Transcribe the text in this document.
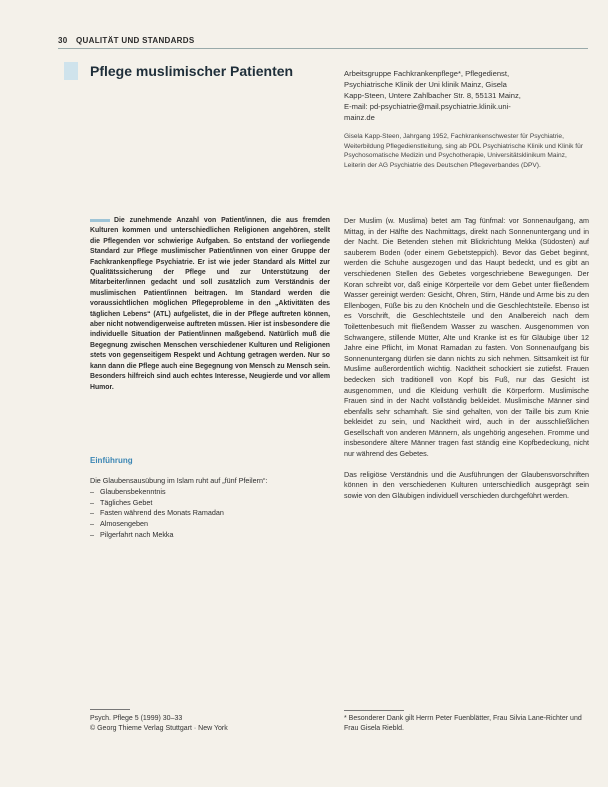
30 QUALITÄT UND STANDARDS
Pflege muslimischer Patienten	Arbeitsgruppe Fachkrankenpflege*, Pflegedienst,
Psychiatrische Klinik der Uni klinik Mainz, Gisela
Kapp-Steen, Untere Zahlbacher Str. 8, 55131 Mainz,
E-mail: pd-psychiatrie@mail.psychiatrie.klinik.uni-
mainz.de
Gisela Kapp-Steen, Jahrgang 1952, Fachkrankenschwester für Psychiatrie, Weiterbildung Pflegedienstleitung, sing ab PDL Psychiatrische Klinik und Klinik für Psychosomatische Medizin und Psychotherapie, Universitätsklinikum Mainz, Leiterin der AG Psychiatrie des Deutschen Pflegeverbandes (DPV).
Die zunehmende Anzahl von Patient/innen, die aus fremden Kulturen kommen und unterschiedlichen Religionen angehören, stellt die Pflegenden vor schwierige Aufgaben. So entstand der vorliegende Standard zur Pflege muslimischer Patient/innen von einer Gruppe der Fachkrankenpflege Psychiatrie. Er ist wie jeder Standard als Mittel zur Qualitätssicherung der Pflege und zur Unterstützung der Mitarbeiter/innen gedacht und soll zusätzlich zum Verständnis der muslimischen Patient/innen beitragen. Im Standard werden die voraussichtlichen möglichen Pflegeprobleme in den „Aktivitäten des täglichen Lebens“ (ATL) aufgelistet, die in der Pflege auftreten können, aber nicht notwendigerweise auftreten müssen. Hier ist insbesondere die individuelle Situation der Patient/innen maßgebend. Natürlich muß die Begegnung zwischen Menschen verschiedener Kulturen und Religionen stets von gegenseitigem Respekt und Achtung getragen werden. Nur so kann dann die Pflege auch eine Begegnung von Mensch zu Mensch sein. Besonders hilfreich sind auch echtes Interesse, Neugierde und vor allem Humor.
Einführung
Die Glaubensausübung im Islam ruht auf „fünf Pfeilern“:
– Glaubensbekenntnis
– Tägliches Gebet
– Fasten während des Monats Ramadan
– Almosengeben
– Pilgerfahrt nach Mekka

Der Muslim (w. Muslima) betet am Tag fünfmal: vor Sonnenaufgang, am Mittag, in der Hälfte des Nachmittags, direkt nach Sonnenuntergang und in der Nacht. Die Betenden stehen mit Blickrichtung Mekka (Südosten) auf sauberem Boden (oder einem Gebetsteppich). Bevor das Gebet beginnt, werden die Schuhe ausgezogen und das Haupt bedeckt, und es gibt an verschiedenen Stellen des Gebetes vorgeschriebene Bewegungen. Der Koran schreibt vor, daß einige Körperteile vor dem Gebet unter fließendem Wasser gereinigt werden: Gesicht, Ohren, Stirn, Hände und Arme bis zu den Ellenbogen, Füße bis zu den Knöcheln und die Geschlechtsteile. Ebenso ist es Vorschrift, die Geschlechtsteile und den Analbereich nach dem Toilettenbesuch mit fließendem Wasser zu waschen. Ausgenommen von Schwangere, stillende Mütter, Alte und Kranke ist es für Gläubige über 12 Jahre eine Pflicht, im Monat Ramadan zu fasten. Von Sonnenaufgang bis Sonnenuntergang dürfen sie dann nichts zu sich nehmen. Sittsamkeit ist für Muslime außerordentlich wichtig. Nacktheit schockiert sie zutiefst. Frauen bedecken sich traditionell von Kopf bis Fuß, nur das Gesicht ist ausgenommen, und die Kleidung verhüllt die Körperform. Muslimische Frauen sind in der Nacht vollständig bekleidet. Muslimische Männer sind ebenfalls sehr schamhaft. Sie sind gehalten, von der Taille bis zum Knie bekleidet zu sein, und Nacktheit wird, auch in der ausschließlichen Gesellschaft von anderen Männern, als ungehörig angesehen. Fromme und insbesondere ältere Männer tragen fast ständig eine Kopfbedeckung, nicht nur während des Gebetes.

Das religiöse Verständnis und die Ausführungen der Glaubensvorschriften können in den verschiedenen Kulturen unterschiedlich ausgeprägt sein sowie von den Gläubigen individuell verschieden durchgeführt werden.

Psych. Pflege 5 (1999) 30–33
© Georg Thieme Verlag Stuttgart · New York
* Besonderer Dank gilt Herrn Peter Fuenblätter, Frau Silvia Lane-Richter und Frau Gisela Riebld.
